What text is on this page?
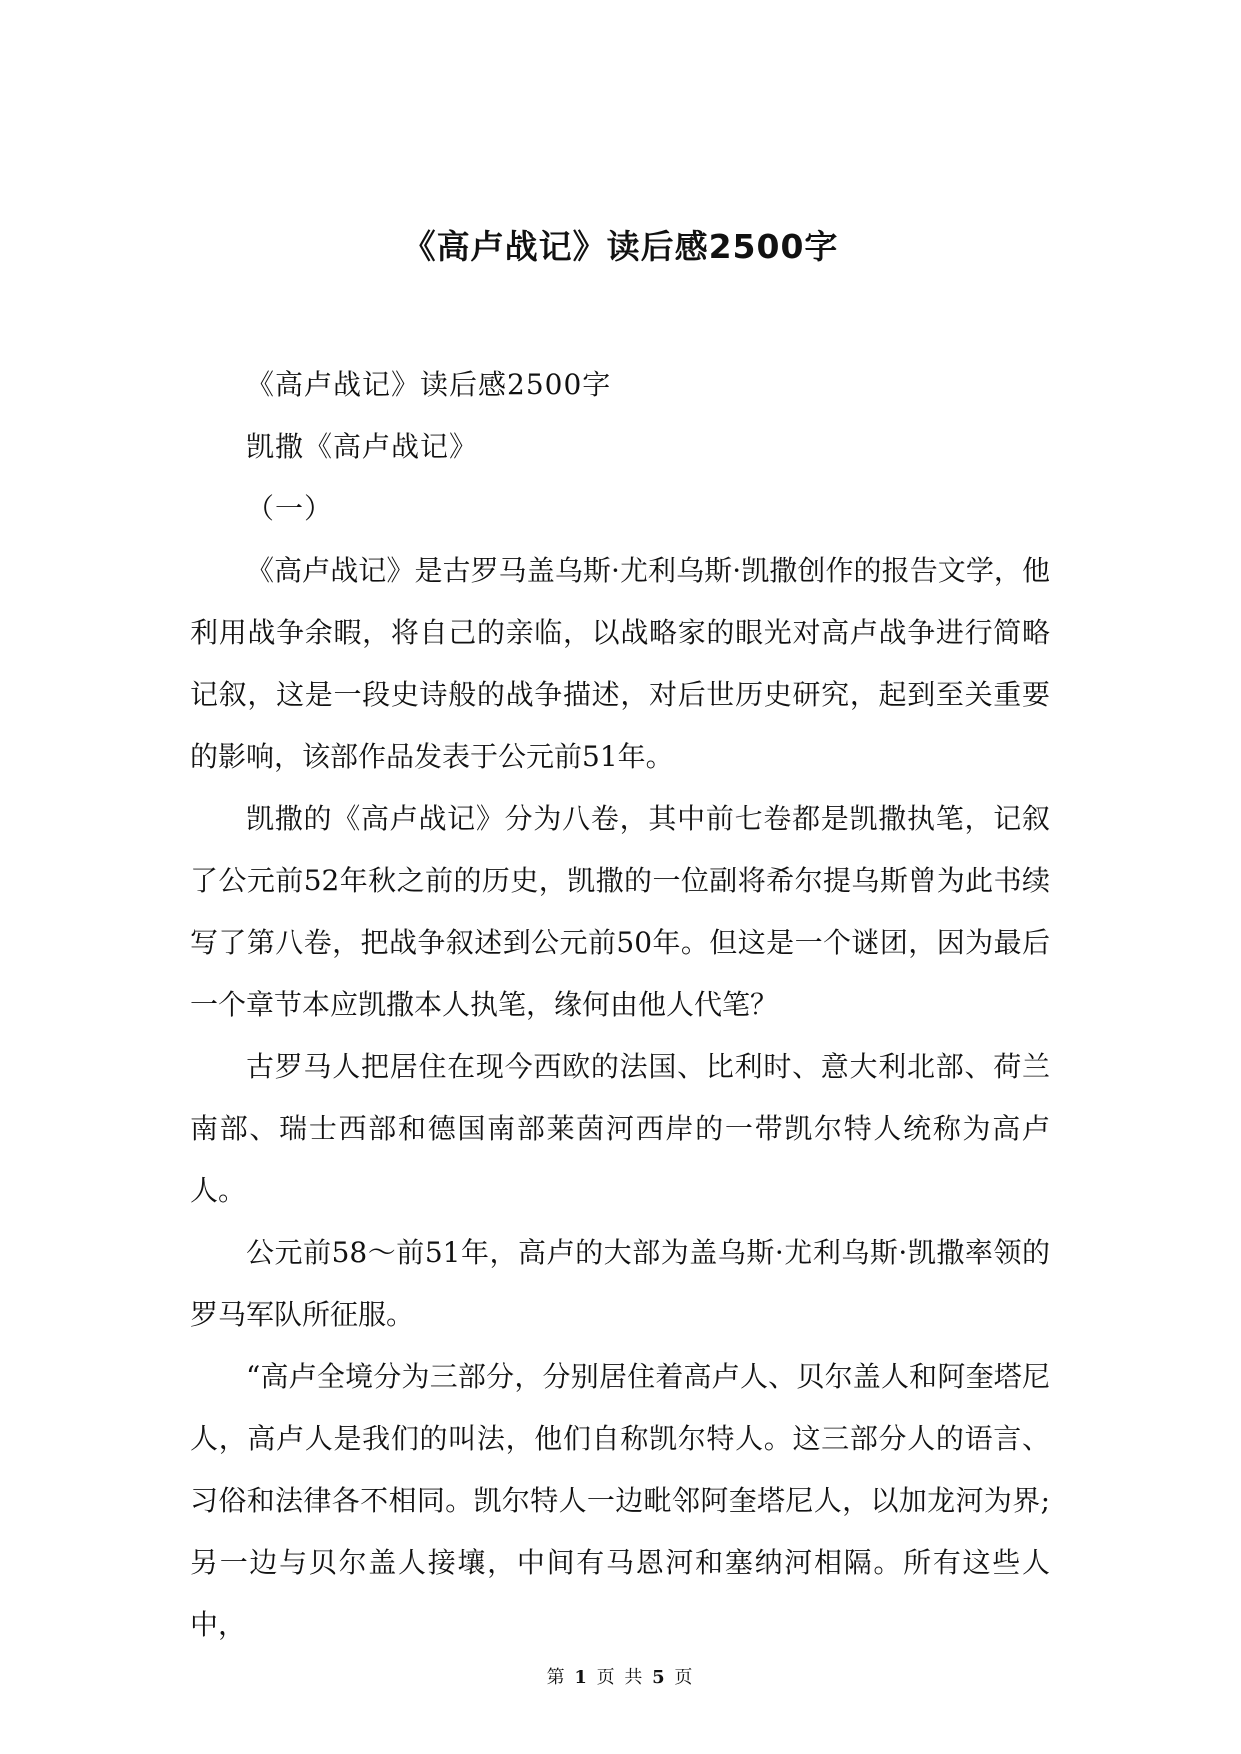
《高卢战记》读后感2500字

《高卢战记》读后感2500字

凯撒《高卢战记》

（一）

《高卢战记》是古罗马盖乌斯·尤利乌斯·凯撒创作的报告文学，他利用战争余暇，将自己的亲临，以战略家的眼光对高卢战争进行简略记叙，这是一段史诗般的战争描述，对后世历史研究，起到至关重要的影响，该部作品发表于公元前51年。

凯撒的《高卢战记》分为八卷，其中前七卷都是凯撒执笔，记叙了公元前52年秋之前的历史，凯撒的一位副将希尔提乌斯曾为此书续写了第八卷，把战争叙述到公元前50年。但这是一个谜团，因为最后一个章节本应凯撒本人执笔，缘何由他人代笔？

古罗马人把居住在现今西欧的法国、比利时、意大利北部、荷兰南部、瑞士西部和德国南部莱茵河西岸的一带凯尔特人统称为高卢人。

公元前58～前51年，高卢的大部为盖乌斯·尤利乌斯·凯撒率领的罗马军队所征服。

“高卢全境分为三部分，分别居住着高卢人、贝尔盖人和阿奎塔尼人，高卢人是我们的叫法，他们自称凯尔特人。这三部分人的语言、习俗和法律各不相同。凯尔特人一边毗邻阿奎塔尼人，以加龙河为界;另一边与贝尔盖人接壤，中间有马恩河和塞纳河相隔。所有这些人中，

第 1 页 共 5 页
